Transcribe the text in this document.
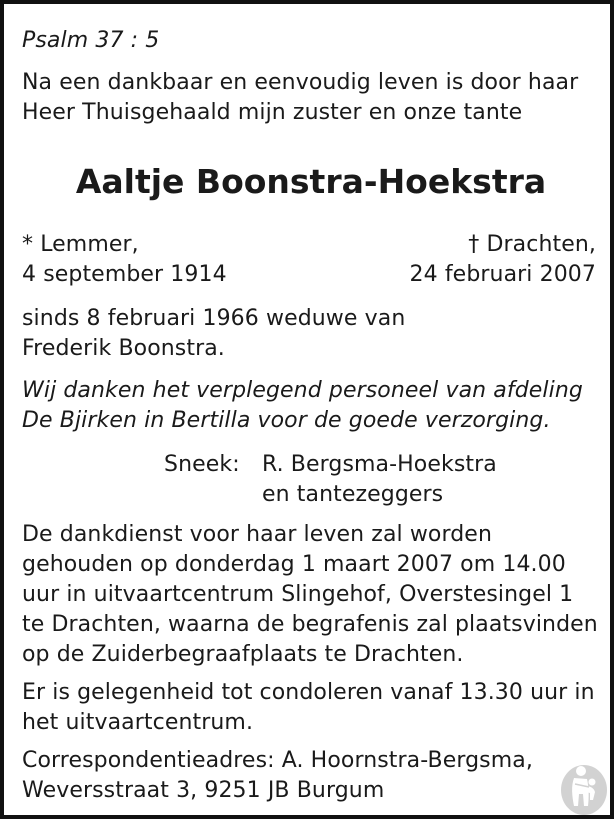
Psalm 37 : 5
Na een dankbaar en eenvoudig leven is door haar
Heer Thuisgehaald mijn zuster en onze tante
Aaltje Boonstra-Hoekstra
* Lemmer,
4 september 1914
† Drachten,
24 februari 2007
sinds 8 februari 1966 weduwe van
Frederik Boonstra.
Wij danken het verplegend personeel van afdeling
De Bjirken in Bertilla voor de goede verzorging.
Sneek: R. Bergsma-Hoekstra
en tantezeggers
De dankdienst voor haar leven zal worden
gehouden op donderdag 1 maart 2007 om 14.00
uur in uitvaartcentrum Slingehof, Overstesingel 1
te Drachten, waarna de begrafenis zal plaatsvinden
op de Zuiderbegraafplaats te Drachten.
Er is gelegenheid tot condoleren vanaf 13.30 uur in
het uitvaartcentrum.
Correspondentieadres: A. Hoornstra-Bergsma,
Weversstraat 3, 9251 JB Burgum
